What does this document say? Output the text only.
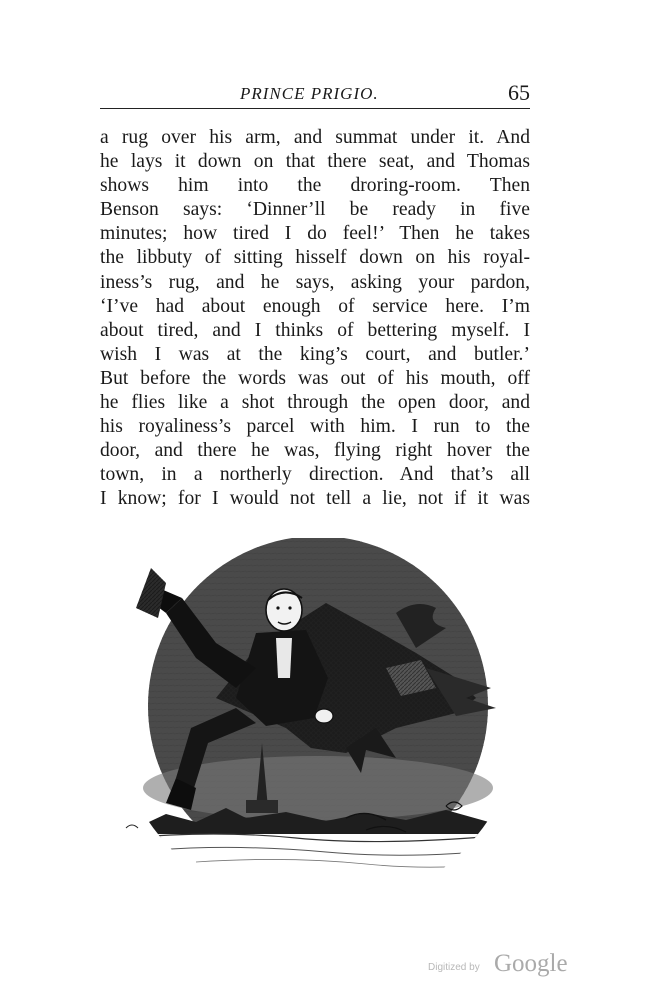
PRINCE PRIGIO.	65
a rug over his arm, and summat under it. And
he lays it down on that there seat, and Thomas
shows him into the droring-room. Then
Benson says: ‘Dinner’ll be ready in five
minutes; how tired I do feel!’ Then he takes
the libbuty of sitting hisself down on his royal-
iness’s rug, and he says, asking your pardon,
‘I’ve had about enough of service here. I’m
about tired, and I thinks of bettering myself. I
wish I was at the king’s court, and butler.’
But before the words was out of his mouth, off
he flies like a shot through the open door, and
his royaliness’s parcel with him. I run to the
door, and there he was, flying right hover the
town, in a northerly direction. And that’s all
I know; for I would not tell a lie, not if it was
Digitized by Google
